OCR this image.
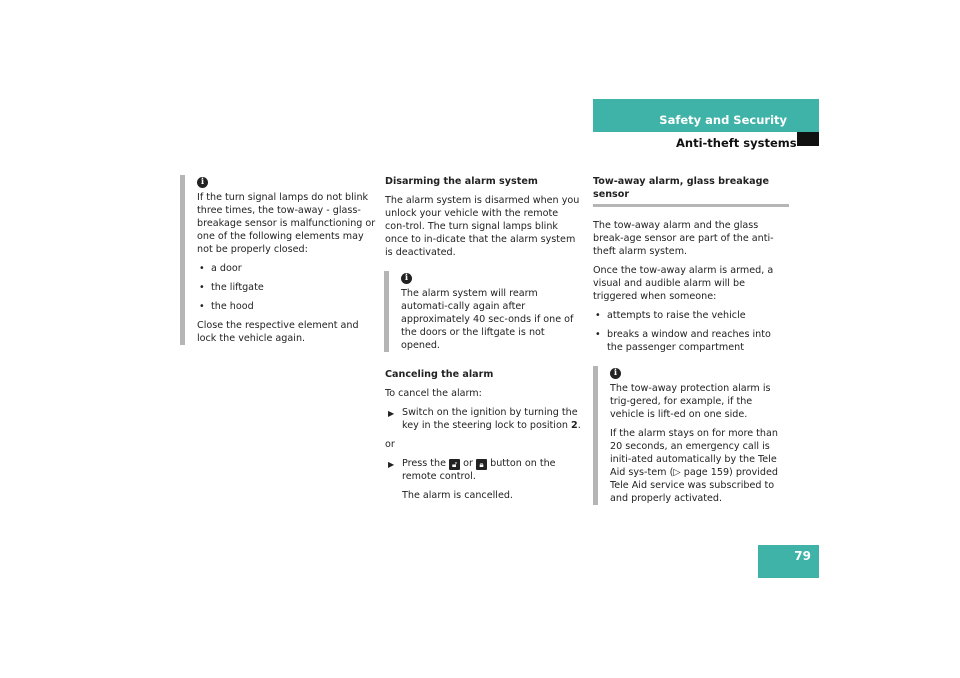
Safety and Security
Anti-theft systems
i

If the turn signal lamps do not blink three times, the tow-away - glass-breakage sensor is malfunctioning or one of the following elements may not be properly closed:

• a door
• the liftgate
• the hood

Close the respective element and lock the vehicle again.

Disarming the alarm system

The alarm system is disarmed when you unlock your vehicle with the remote con-trol. The turn signal lamps blink once to in-dicate that the alarm system is deactivated.

i

The alarm system will rearm automati-cally again after approximately 40 sec-onds if one of the doors or the liftgate is not opened.

Canceling the alarm

To cancel the alarm:

▶ Switch on the ignition by turning the key in the steering lock to position 2.

or

▶ Press the 🔓︎ or 🔒︎ button on the remote control.

The alarm is cancelled.

Tow-away alarm, glass breakage sensor

The tow-away alarm and the glass break-age sensor are part of the anti-theft alarm system.

Once the tow-away alarm is armed, a visual and audible alarm will be triggered when someone:

• attempts to raise the vehicle
• breaks a window and reaches into the passenger compartment
i

The tow-away protection alarm is trig-gered, for example, if the vehicle is lift-ed on one side.

If the alarm stays on for more than 20 seconds, an emergency call is initi-ated automatically by the Tele Aid sys-tem (▷ page 159) provided Tele Aid service was subscribed to and properly activated.

79
